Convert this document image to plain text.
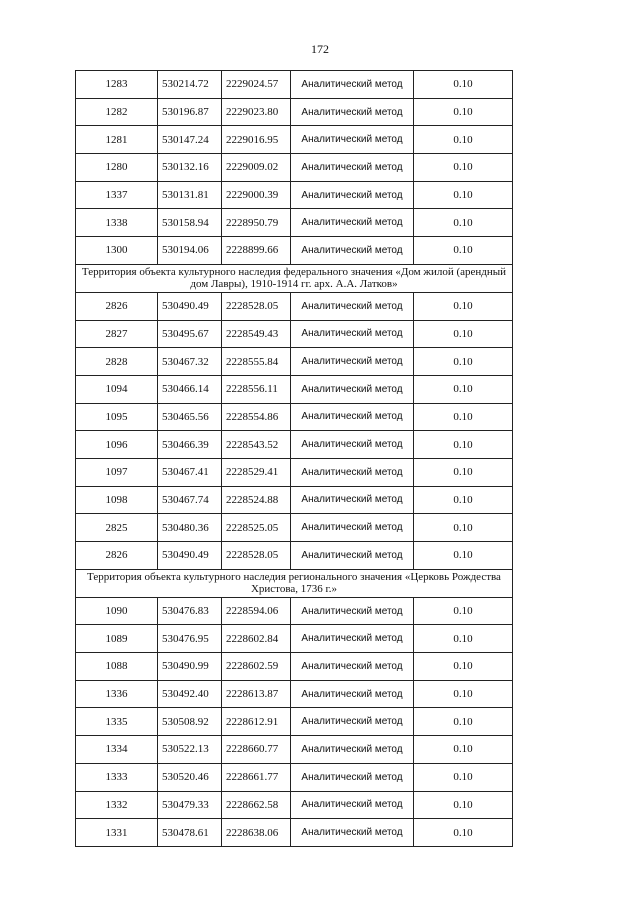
172
1283	530214.72	2229024.57	Аналитический метод	0.10
1282	530196.87	2229023.80	Аналитический метод	0.10
1281	530147.24	2229016.95	Аналитический метод	0.10
1280	530132.16	2229009.02	Аналитический метод	0.10
1337	530131.81	2229000.39	Аналитический метод	0.10
1338	530158.94	2228950.79	Аналитический метод	0.10
1300	530194.06	2228899.66	Аналитический метод	0.10
Территория объекта культурного наследия федерального значения «Дом жилой (арендный дом Лавры), 1910-1914 гг. арх. А.А. Латков»				
2826	530490.49	2228528.05	Аналитический метод	0.10
2827	530495.67	2228549.43	Аналитический метод	0.10
2828	530467.32	2228555.84	Аналитический метод	0.10
1094	530466.14	2228556.11	Аналитический метод	0.10
1095	530465.56	2228554.86	Аналитический метод	0.10
1096	530466.39	2228543.52	Аналитический метод	0.10
1097	530467.41	2228529.41	Аналитический метод	0.10
1098	530467.74	2228524.88	Аналитический метод	0.10
2825	530480.36	2228525.05	Аналитический метод	0.10
2826	530490.49	2228528.05	Аналитический метод	0.10
Территория объекта культурного наследия регионального значения «Церковь Рождества Христова, 1736 г.»				
1090	530476.83	2228594.06	Аналитический метод	0.10
1089	530476.95	2228602.84	Аналитический метод	0.10
1088	530490.99	2228602.59	Аналитический метод	0.10
1336	530492.40	2228613.87	Аналитический метод	0.10
1335	530508.92	2228612.91	Аналитический метод	0.10
1334	530522.13	2228660.77	Аналитический метод	0.10
1333	530520.46	2228661.77	Аналитический метод	0.10
1332	530479.33	2228662.58	Аналитический метод	0.10
1331	530478.61	2228638.06	Аналитический метод	0.10
